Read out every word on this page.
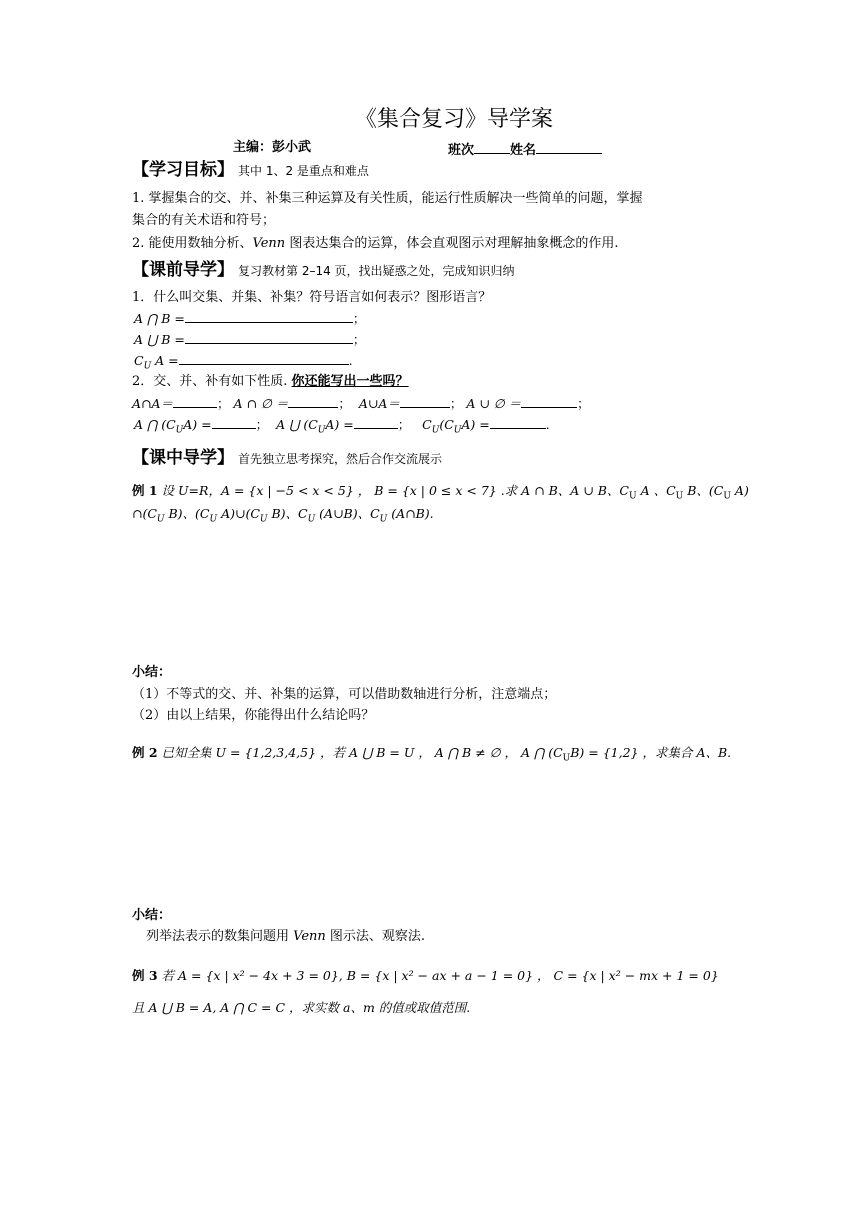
《集合复习》导学案
主编：彭小武	班次	姓名
【学习目标】 其中 1、2 是重点和难点
1. 掌握集合的交、并、补集三种运算及有关性质，能运行性质解决一些简单的问题，掌握
集合的有关术语和符号；
2. 能使用数轴分析、Venn 图表达集合的运算，体会直观图示对理解抽象概念的作用.
【课前导学】 复习教材第 2–14 页，找出疑惑之处，完成知识归纳
1．什么叫交集、并集、补集？符号语言如何表示？图形语言？
A ⋂ B =	；
A ⋃ B =	；
$C_U$ A =	.
2．交、并、补有如下性质. 你还能写出一些吗？
A∩A＝	； A ∩ ∅ ＝	； A∪A＝	； A ∪ ∅ ＝	；
A ⋂ $(C_UA)$ =	； A ⋃ $(C_UA)$ =	； $C_U(C_UA)$ =	.
【课中导学】 首先独立思考探究，然后合作交流展示
例 1 设 U=R，A = {x | −5 < x < 5} ， B = {x | 0 ≤ x < 7} .求 A ∩ B、A ∪ B、$C_U$ A 、$C_U$ B、($C_U$ A)
$\cap(C_U$ B)、($C_U$ $A)\cup(C_U$ B)、$C_U$ (A∪B)、$C_U$ (A∩B).
小结：
（1）不等式的交、并、补集的运算，可以借助数轴进行分析，注意端点；
（2）由以上结果，你能得出什么结论吗？
例 2 已知全集 U = {1,2,3,4,5} ，若 A ⋃ B = U ， A ⋂ B ≠ ∅ ， A ⋂ $(C_UB) = \{1,2\}$ ，求集合 A、B.
小结：
列举法表示的数集问题用 Venn 图示法、观察法.
例 3 若 A = {x | x² − 4x + 3 = 0}, B = {x | x² − ax + a − 1 = 0} ， C = {x | x² − mx + 1 = 0}
且 A ⋃ B = A, A ⋂ C = C ，求实数 a、m 的值或取值范围.
